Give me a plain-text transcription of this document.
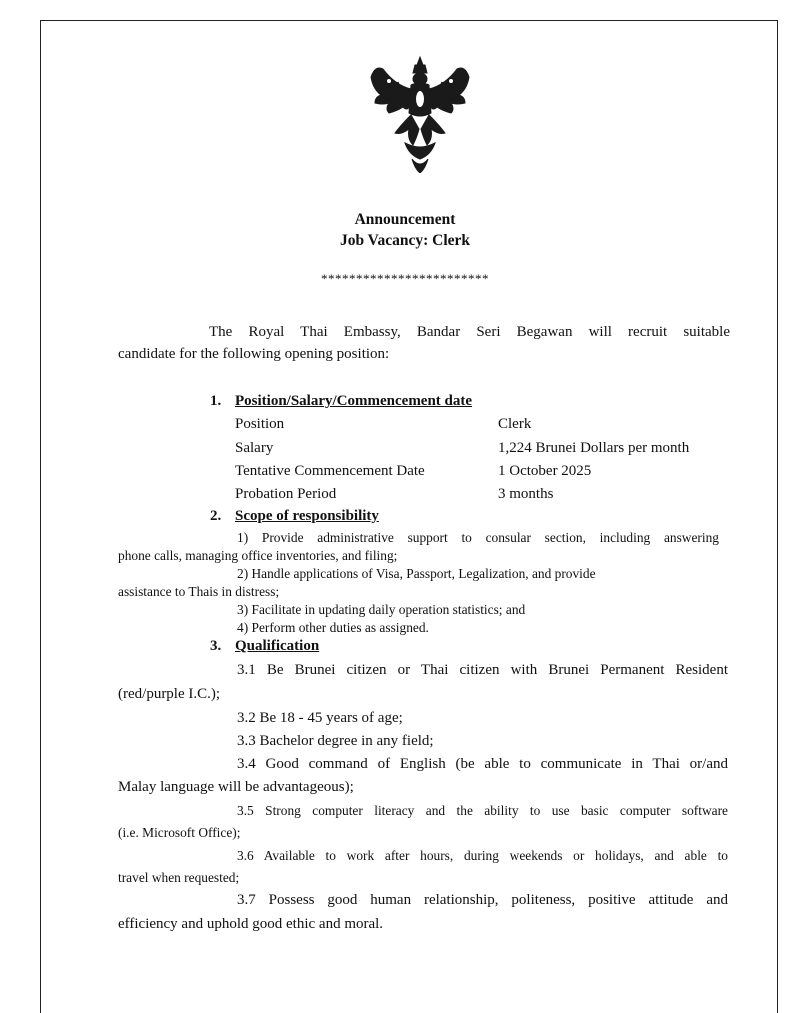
Announcement
Job Vacancy: Clerk
************************
The Royal Thai Embassy, Bandar Seri Begawan will recruit suitable
candidate for the following opening position:
1. Position/Salary/Commencement date
Position	Clerk
Salary	1,224 Brunei Dollars per month
Tentative Commencement Date	1 October 2025
Probation Period	3 months
2. Scope of responsibility
1) Provide administrative support to consular section, including answering
phone calls, managing office inventories, and filing;
2) Handle applications of Visa, Passport, Legalization, and provide
assistance to Thais in distress;
3) Facilitate in updating daily operation statistics; and
4) Perform other duties as assigned.
3. Qualification
3.1 Be Brunei citizen or Thai citizen with Brunei Permanent Resident
(red/purple I.C.);
3.2 Be 18 - 45 years of age;
3.3 Bachelor degree in any field;
3.4 Good command of English (be able to communicate in Thai or/and
Malay language will be advantageous);
3.5 Strong computer literacy and the ability to use basic computer software
(i.e. Microsoft Office);
3.6 Available to work after hours, during weekends or holidays, and able to
travel when requested;
3.7 Possess good human relationship, politeness, positive attitude and
efficiency and uphold good ethic and moral.
